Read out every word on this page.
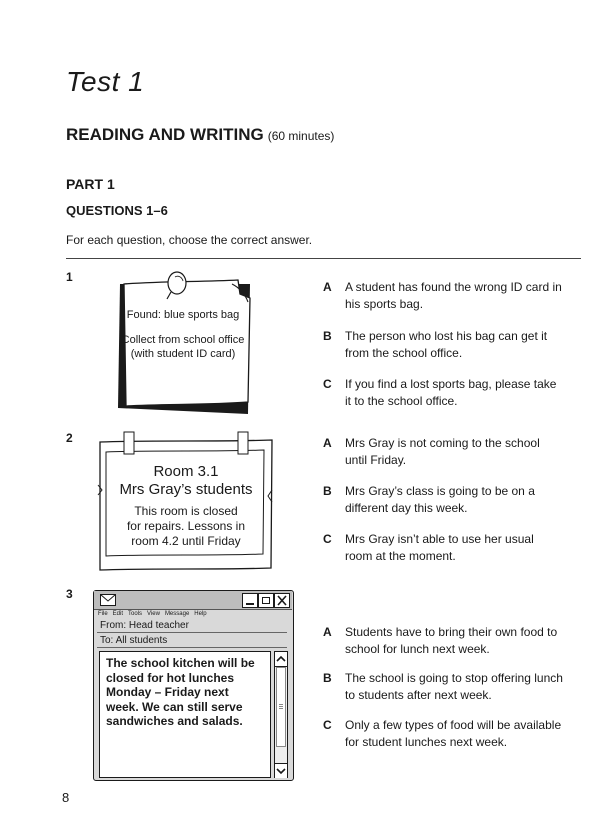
Test 1
READING AND WRITING (60 minutes)
PART 1
QUESTIONS 1–6
For each question, choose the correct answer.
1
Found: blue sports bag
Collect from school office
(with student ID card)
A A student has found the wrong ID card in his sports bag.
B The person who lost his bag can get it from the school office.
C If you find a lost sports bag, please take it to the school office.
2
Room 3.1
Mrs Gray’s students
This room is closed
for repairs. Lessons in
room 4.2 until Friday
A Mrs Gray is not coming to the school until Friday.
B Mrs Gray’s class is going to be on a different day this week.
C Mrs Gray isn’t able to use her usual room at the moment.
3
File Edit Tools View Message Help
From: Head teacher
To: All students
The school kitchen will be
closed for hot lunches
Monday – Friday next
week. We can still serve
sandwiches and salads.
A Students have to bring their own food to school for lunch next week.
B The school is going to stop offering lunch to students after next week.
C Only a few types of food will be available for student lunches next week.
8
